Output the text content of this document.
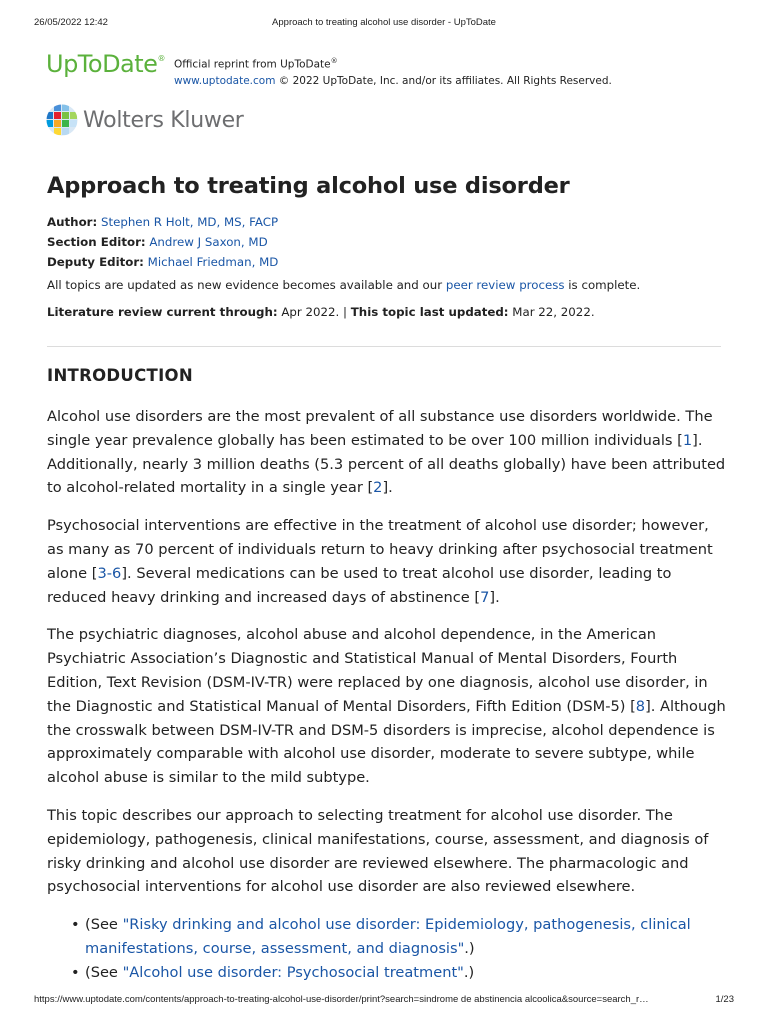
26/05/2022 12:42	Approach to treating alcohol use disorder - UpToDate
UpToDate® Official reprint from UpToDate®
www.uptodate.com © 2022 UpToDate, Inc. and/or its affiliates. All Rights Reserved.
Wolters Kluwer
Approach to treating alcohol use disorder
Author: Stephen R Holt, MD, MS, FACP
Section Editor: Andrew J Saxon, MD
Deputy Editor: Michael Friedman, MD
All topics are updated as new evidence becomes available and our peer review process is complete.
Literature review current through: Apr 2022. | This topic last updated: Mar 22, 2022.
INTRODUCTION

Alcohol use disorders are the most prevalent of all substance use disorders worldwide. The single year prevalence globally has been estimated to be over 100 million individuals [1]. Additionally, nearly 3 million deaths (5.3 percent of all deaths globally) have been attributed to alcohol-related mortality in a single year [2].

Psychosocial interventions are effective in the treatment of alcohol use disorder; however, as many as 70 percent of individuals return to heavy drinking after psychosocial treatment alone [3-6]. Several medications can be used to treat alcohol use disorder, leading to reduced heavy drinking and increased days of abstinence [7].

The psychiatric diagnoses, alcohol abuse and alcohol dependence, in the American Psychiatric Association’s Diagnostic and Statistical Manual of Mental Disorders, Fourth Edition, Text Revision (DSM-IV-TR) were replaced by one diagnosis, alcohol use disorder, in the Diagnostic and Statistical Manual of Mental Disorders, Fifth Edition (DSM-5) [8]. Although the crosswalk between DSM-IV-TR and DSM-5 disorders is imprecise, alcohol dependence is approximately comparable with alcohol use disorder, moderate to severe subtype, while alcohol abuse is similar to the mild subtype.

This topic describes our approach to selecting treatment for alcohol use disorder. The epidemiology, pathogenesis, clinical manifestations, course, assessment, and diagnosis of risky drinking and alcohol use disorder are reviewed elsewhere. The pharmacologic and psychosocial interventions for alcohol use disorder are also reviewed elsewhere.

• (See "Risky drinking and alcohol use disorder: Epidemiology, pathogenesis, clinical manifestations, course, assessment, and diagnosis".)
• (See "Alcohol use disorder: Psychosocial treatment".)
https://www.uptodate.com/contents/approach-to-treating-alcohol-use-disorder/print?search=sindrome de abstinencia alcoolica&source=search_r…	1/23
